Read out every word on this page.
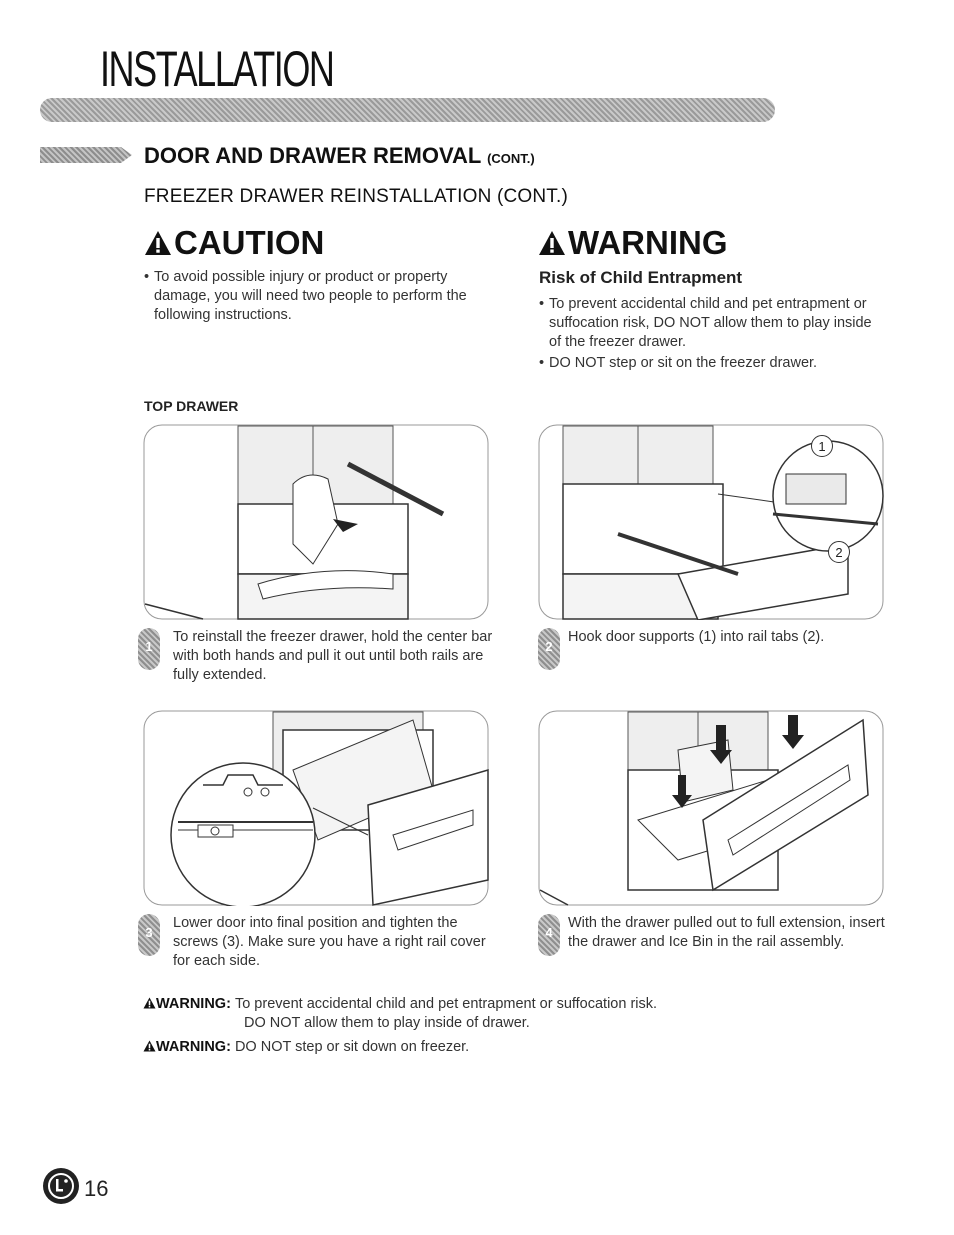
INSTALLATION
DOOR AND DRAWER REMOVAL (CONT.)
FREEZER DRAWER REINSTALLATION (CONT.)
CAUTION
• To avoid possible injury or product or property damage, you will need two people to perform the following instructions.
WARNING
Risk of Child Entrapment
• To prevent accidental child and pet entrapment or suffocation risk, DO NOT allow them to play inside of the freezer drawer.
• DO NOT step or sit on the freezer drawer.
TOP DRAWER
1
To reinstall the freezer drawer, hold the center bar with both hands and pull it out until both rails are fully extended.
1
2
2
Hook door supports (1) into rail tabs (2).
3
Lower door into final position and tighten the screws (3). Make sure you have a right rail cover for each side.
4
With the drawer pulled out to full extension, insert the drawer and Ice Bin in the rail assembly.
WARNING: To prevent accidental child and pet entrapment or suffocation risk.
DO NOT allow them to play inside of drawer.
WARNING: DO NOT step or sit down on freezer.
16
